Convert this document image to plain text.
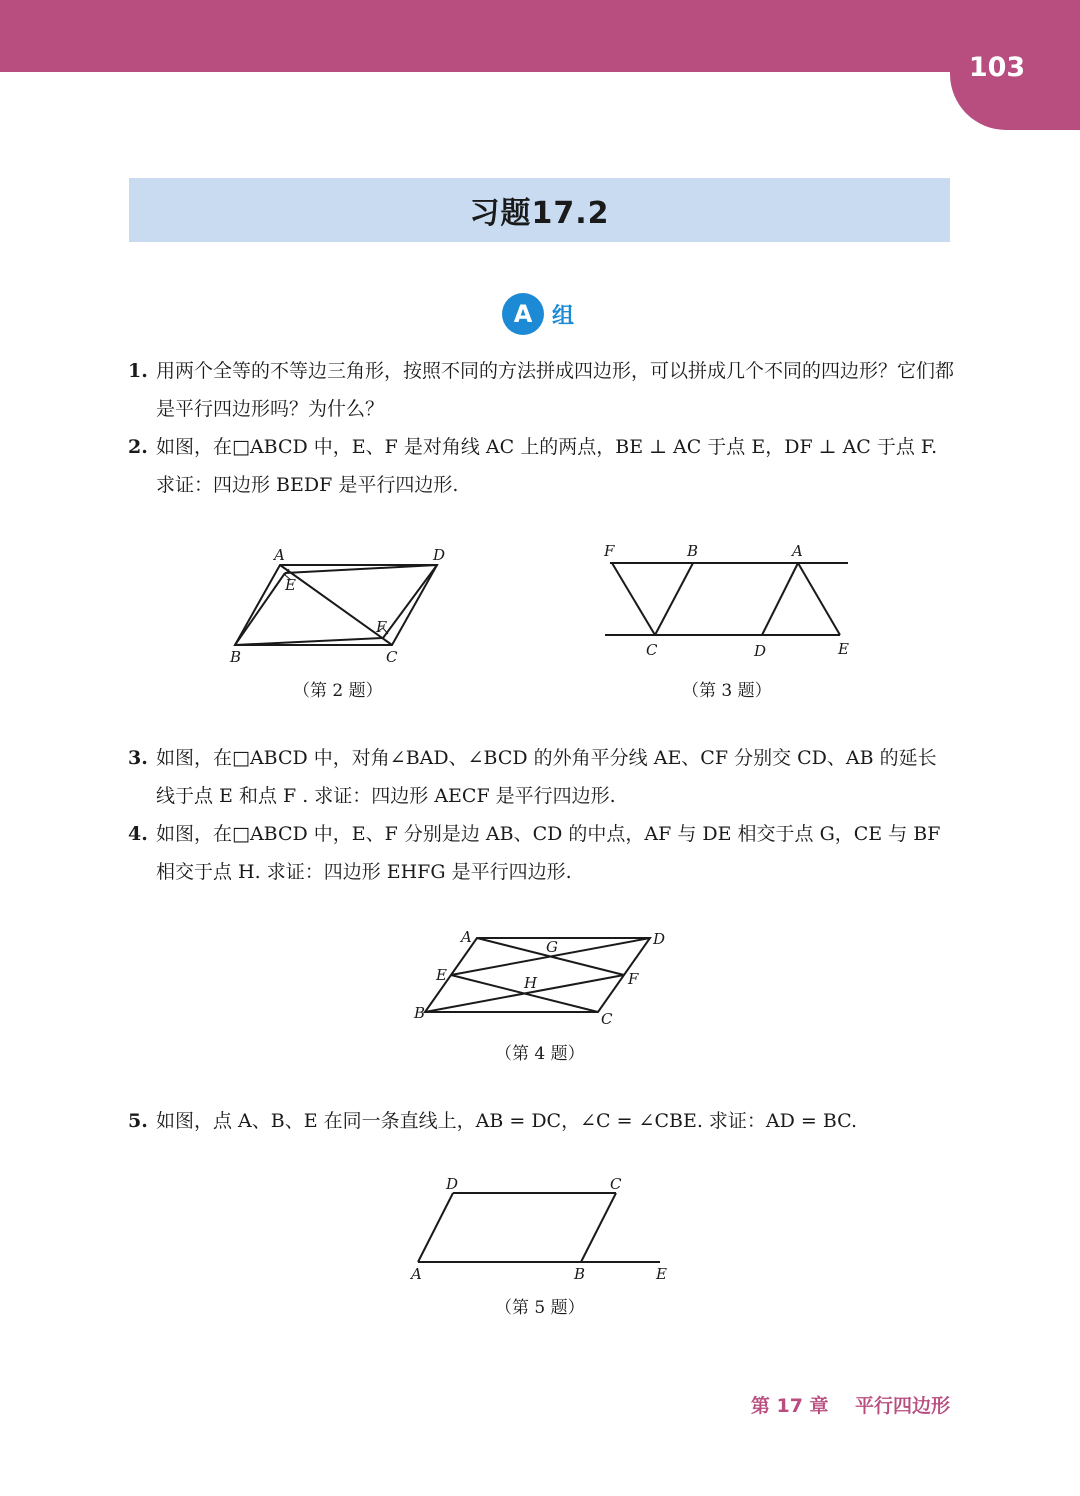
103
习题17.2
A 组
1. 用两个全等的不等边三角形，按照不同的方法拼成四边形，可以拼成几个不同的四边形？它们都是平行四边形吗？为什么？
2. 如图，在□ABCD 中，E、F 是对角线 AC 上的两点，BE ⊥ AC 于点 E，DF ⊥ AC 于点 F. 求证：四边形 BEDF 是平行四边形.
A	D
E
F
B	C
（第 2 题）
F	B	A
C	D	E
（第 3 题）
3. 如图，在□ABCD 中，对角∠BAD、∠BCD 的外角平分线 AE、CF 分别交 CD、AB 的延长线于点 E 和点 F . 求证：四边形 AECF 是平行四边形.
4. 如图，在□ABCD 中，E、F 分别是边 AB、CD 的中点，AF 与 DE 相交于点 G，CE 与 BF 相交于点 H. 求证：四边形 EHFG 是平行四边形.
A
G	D
E	F
H
B	C
（第 4 题）
5. 如图，点 A、B、E 在同一条直线上，AB = DC，∠C = ∠CBE. 求证：AD = BC.
D	C
A	B	E
（第 5 题）
第 17 章    平行四边形
